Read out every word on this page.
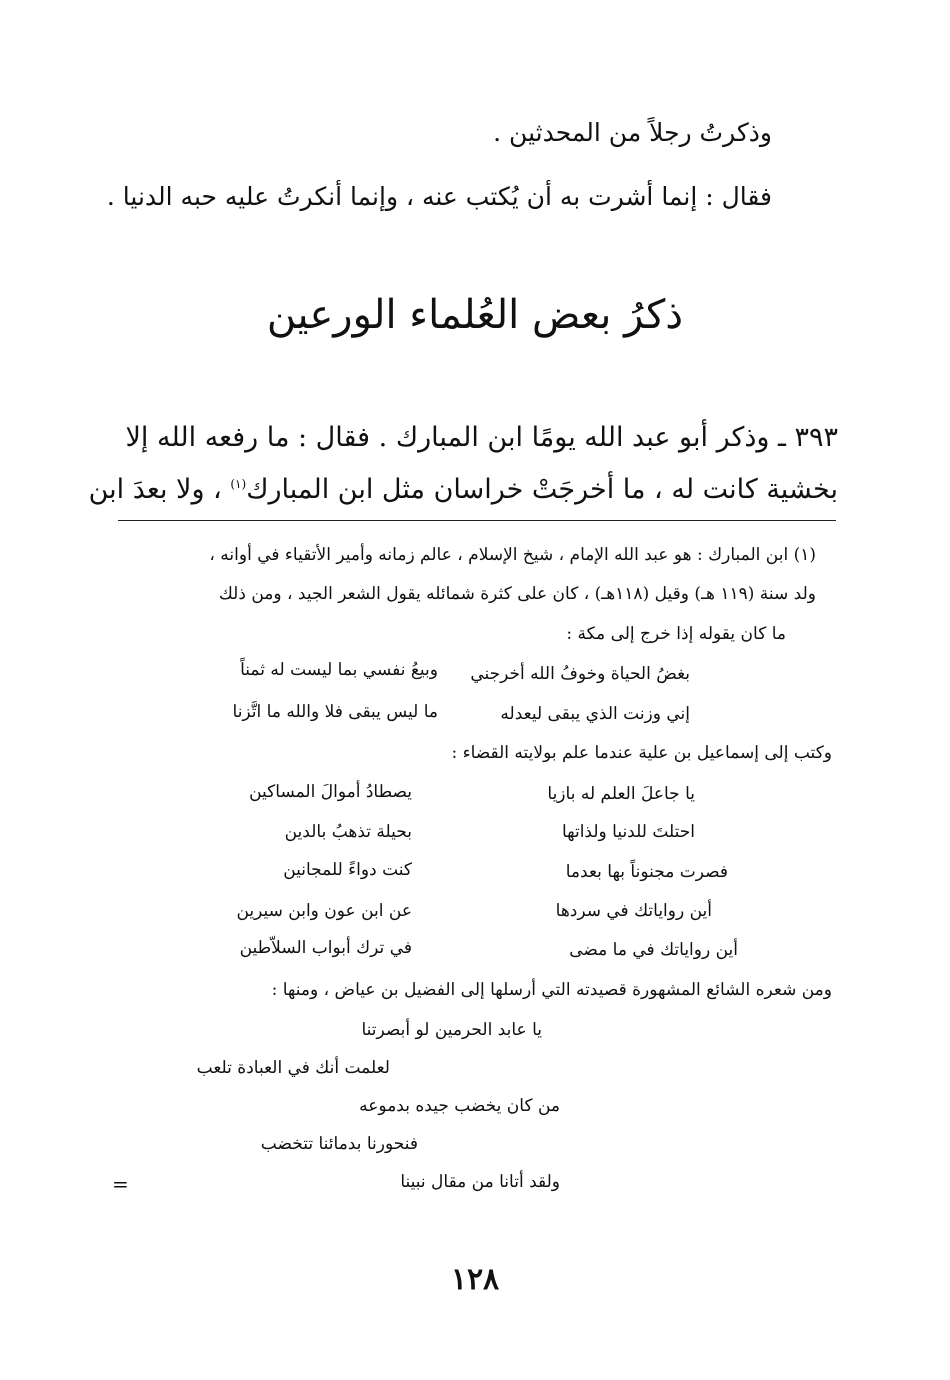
وذكرتُ رجلاً من المحدثين .

فقال : إنما أشرت به أن يُكتب عنه ، وإنما أنكرتُ عليه حبه الدنيا .

ذكرُ بعض العُلماء الورعين

٣٩٣ ـ وذكر أبو عبد الله يومًا ابن المبارك . فقال : ما رفعه الله إلا

بخشية كانت له ، ما أخرجَتْ خراسان مثل ابن المبارك$^{(١)}$ ، ولا بعدَ ابن

(١) ابن المبارك : هو عبد الله الإمام ، شيخ الإسلام ، عالم زمانه وأمير الأتقياء في أوانه ،

ولد سنة (١١٩ هـ) وقيل (١١٨هـ) ، كان على كثرة شمائله يقول الشعر الجيد ، ومن ذلك

ما كان يقوله إذا خرج إلى مكة :

بغضُ الحياة وخوفُ الله أخرجني

وبيعُ نفسي بما ليست له ثمناً

إني وزنت الذي يبقى ليعدله

ما ليس يبقى فلا والله ما اتَّزنا

وكتب إلى إسماعيل بن علية عندما علم بولايته القضاء :

يا جاعلَ العلم له بازيا

يصطادُ أموالَ المساكين

احتلتَ للدنيا ولذاتها

بحيلة تذهبُ بالدين

فصرت مجنوناً بها بعدما

كنت دواءً للمجانين

أين رواياتك في سردها

عن ابن عون وابن سيرين

أين رواياتك في ما مضى

في ترك أبواب السلاّطين

ومن شعره الشائع المشهورة قصيدته التي أرسلها إلى الفضيل بن عياض ، ومنها :

يا عابد الحرمين لو أبصرتنا

لعلمت أنك في العبادة تلعب

من كان يخضب جيده بدموعه

فنحورنا بدمائنا تتخضب

ولقد أتانا من مقال نبينا

=
١٢٨
